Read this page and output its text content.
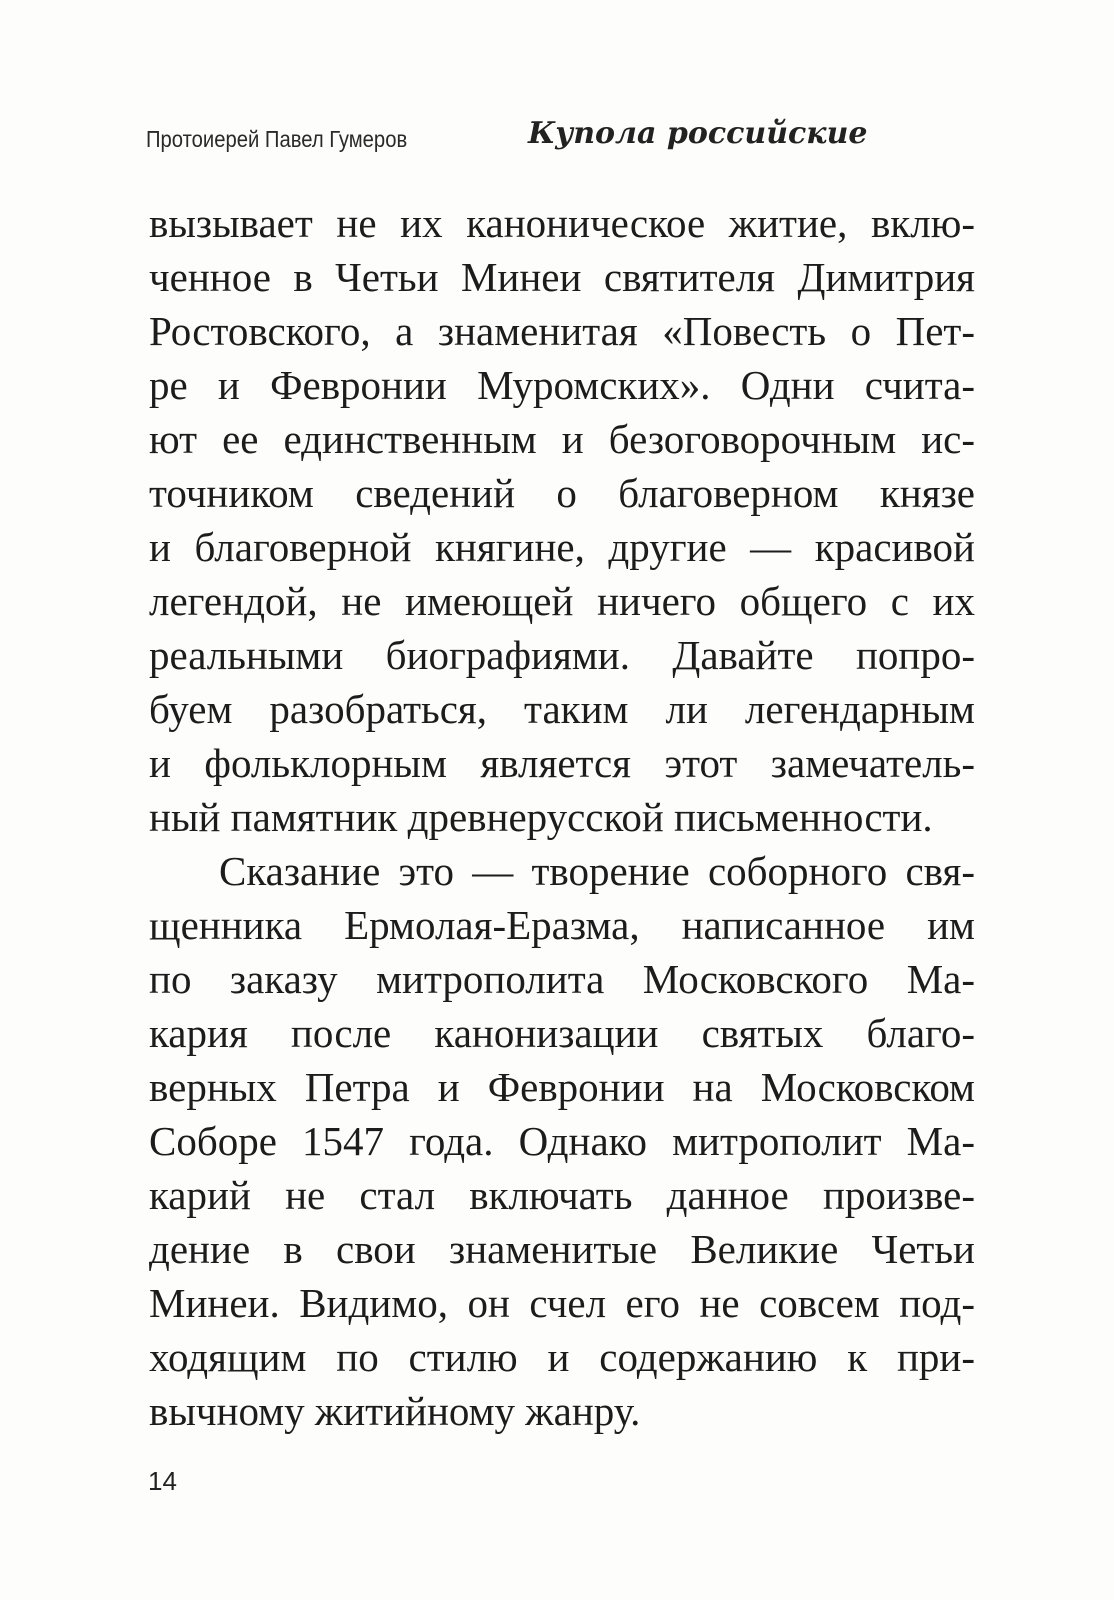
Протоиерей Павел Гумеров	Купола российские
вызывает не их каноническое житие, вклю-
ченное в Четьи Минеи святителя Димитрия
Ростовского, а знаменитая «Повесть о Пет-
ре и Февронии Муромских». Одни счита-
ют ее единственным и безоговорочным ис-
точником сведений о благоверном князе
и благоверной княгине, другие — красивой
легендой, не имеющей ничего общего с их
реальными биографиями. Давайте попро-
буем разобраться, таким ли легендарным
и фольклорным является этот замечатель-
ный памятник древнерусской письменности.
Сказание это — творение соборного свя-
щенника Ермолая-Еразма, написанное им
по заказу митрополита Московского Ма-
кария после канонизации святых благо-
верных Петра и Февронии на Московском
Соборе 1547 года. Однако митрополит Ма-
карий не стал включать данное произве-
дение в свои знаменитые Великие Четьи
Минеи. Видимо, он счел его не совсем под-
ходящим по стилю и содержанию к при-
вычному житийному жанру.
14
